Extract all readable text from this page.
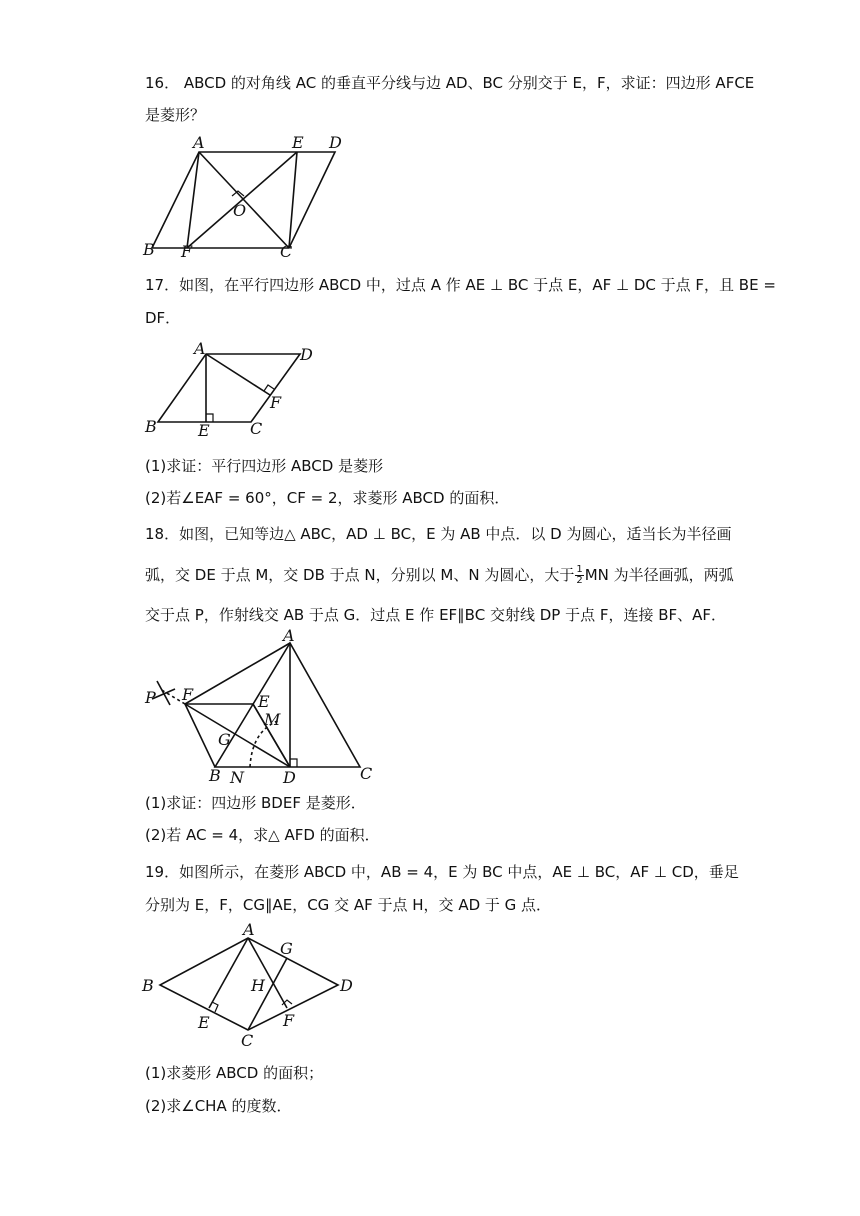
16． ABCD 的对角线 AC 的垂直平分线与边 AD、BC 分别交于 E，F，求证：四边形 AFCE
是菱形？
A	E D
O
B F	C
17．如图，在平行四边形 ABCD 中，过点 A 作 AE ⊥ BC 于点 E，AF ⊥ DC 于点 F，且 BE =
DF．
A	D
F
B	E	C
(1)求证：平行四边形 ABCD 是菱形
(2)若∠EAF = 60°，CF = 2，求菱形 ABCD 的面积．
18．如图，已知等边△ ABC，AD ⊥ BC，E 为 AB 中点．以 D 为圆心，适当长为半径画
弧，交 DE 于点 M，交 DB 于点 N，分别以 M、N 为圆心，大于 $\frac{1}{2}$ MN 为半径画弧，两弧
交于点 P，作射线交 AB 于点 G．过点 E 作 EF∥BC 交射线 DP 于点 F，连接 BF、AF．
A
P F	E
M
G
B N D	C
(1)求证：四边形 BDEF 是菱形．
(2)若 AC = 4，求△ AFD 的面积．
19．如图所示，在菱形 ABCD 中，AB = 4，E 为 BC 中点，AE ⊥ BC，AF ⊥ CD，垂足
分别为 E，F，CG∥AE，CG 交 AF 于点 H，交 AD 于 G 点．
A
G
B	H	D
E	F
C
(1)求菱形 ABCD 的面积；
(2)求∠CHA 的度数．
